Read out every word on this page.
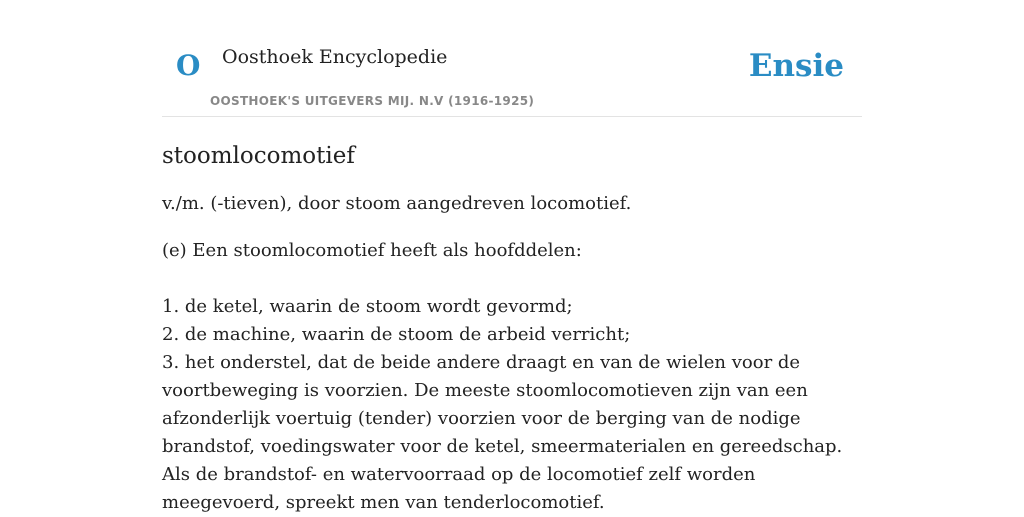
O Oosthoek Encyclopedie
OOSTHOEK'S UITGEVERS MIJ. N.V (1916-1925)
Ensie
stoomlocomotief

v./m. (-tieven), door stoom aangedreven locomotief.

(e) Een stoomlocomotief heeft als hoofddelen:

1. de ketel, waarin de stoom wordt gevormd;
2. de machine, waarin de stoom de arbeid verricht;
3. het onderstel, dat de beide andere draagt en van de wielen voor de voortbeweging is voorzien. De meeste stoomlocomotieven zijn van een afzonderlijk voertuig (tender) voorzien voor de berging van de nodige brandstof, voedingswater voor de ketel, smeermaterialen en gereedschap. Als de brandstof- en watervoorraad op de locomotief zelf worden meegevoerd, spreekt men van tenderlocomotief.
